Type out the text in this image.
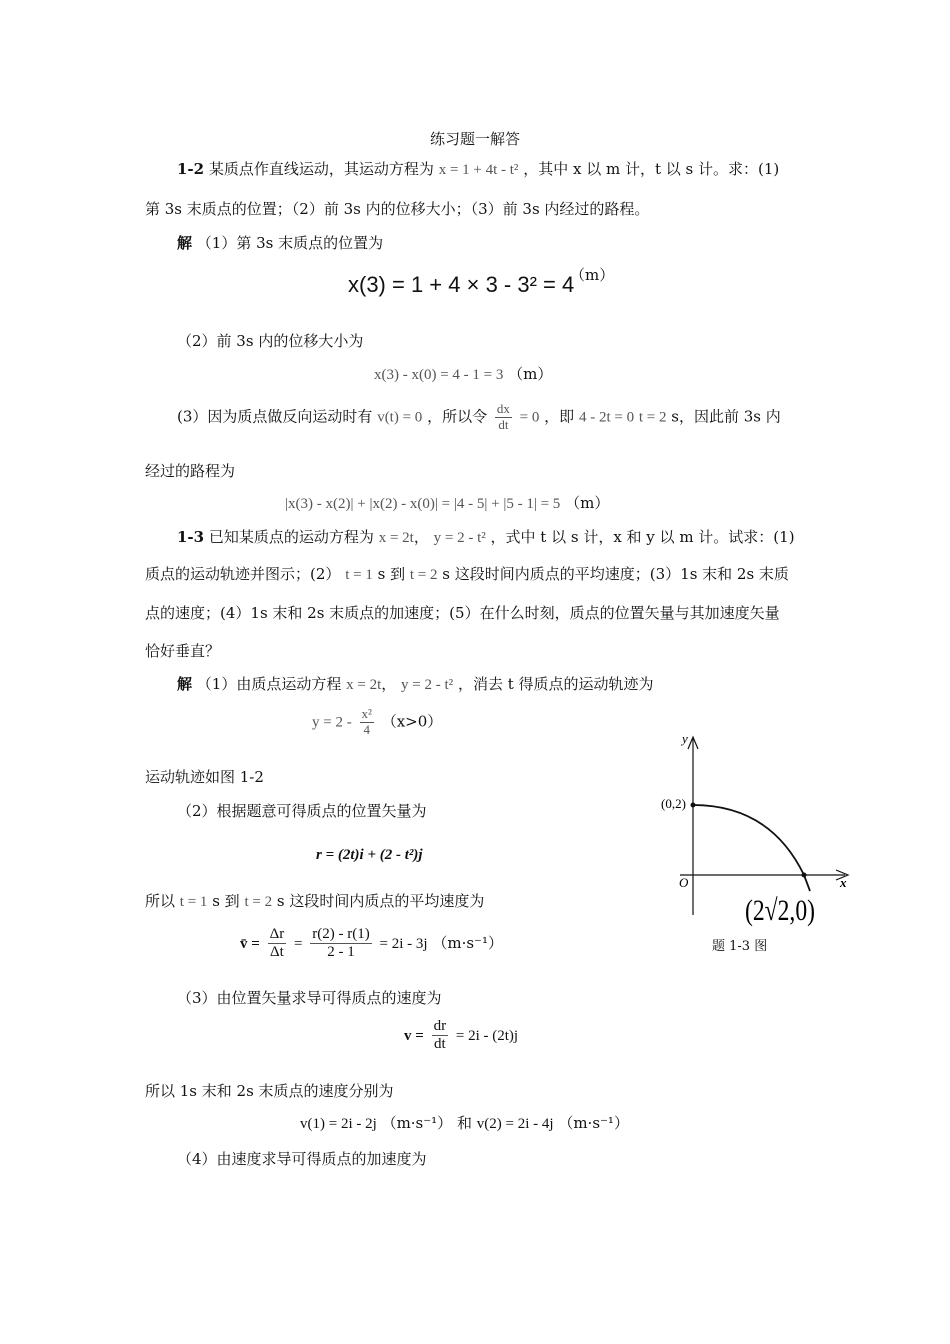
练习题一解答
1-2 某质点作直线运动，其运动方程为 x = 1 + 4t - t² ，其中 x 以 m 计，t 以 s 计。求：(1)
第 3s 末质点的位置；（2）前 3s 内的位移大小；（3）前 3s 内经过的路程。
解 （1）第 3s 末质点的位置为
x(3) = 1 + 4 × 3 - 3² = 4
（m）
（2）前 3s 内的位移大小为
x(3) - x(0) = 4 - 1 = 3 （m）
(3）因为质点做反向运动时有 v(t) = 0 ，所以令 $\frac{dx}{dt} = 0$ ，即 4 - 2t = 0 t = 2 s，因此前 3s 内
经过的路程为
|x(3) - x(2)| + |x(2) - x(0)| = |4 - 5| + |5 - 1| = 5 （m）
1-3 已知某质点的运动方程为 x = 2t， y = 2 - t² ，式中 t 以 s 计，x 和 y 以 m 计。试求：(1)
质点的运动轨迹并图示；(2） t = 1 s 到 t = 2 s 这段时间内质点的平均速度；(3）1s 末和 2s 末质
点的速度；(4）1s 末和 2s 末质点的加速度；(5）在什么时刻，质点的位置矢量与其加速度矢量
恰好垂直？
解 （1）由质点运动方程 x = 2t， y = 2 - t² ，消去 t 得质点的运动轨迹为
$y = 2 - \frac{\text{x²}}{4} (x>0)$
运动轨迹如图 1-2
（2）根据题意可得质点的位置矢量为
r = (2t)i + (2 - t²)j
所以 t = 1 s 到 t = 2 s 这段时间内质点的平均速度为
v̄ = $\frac{\Delta r}{\Delta t} = \frac{r(2) - r(1)}{2 - 1} = 2i - 3j$ （m·s⁻¹）
（3）由位置矢量求导可得质点的速度为
$v = \frac{dr}{dt} = 2i - (2t)j$
所以 1s 末和 2s 末质点的速度分别为
v(1) = 2i - 2j （m·s⁻¹） 和 v(2) = 2i - 4j （m·s⁻¹）
（4）由速度求导可得质点的加速度为
y
x
O
(0,2)
(2√2,0)
题 1-3 图
